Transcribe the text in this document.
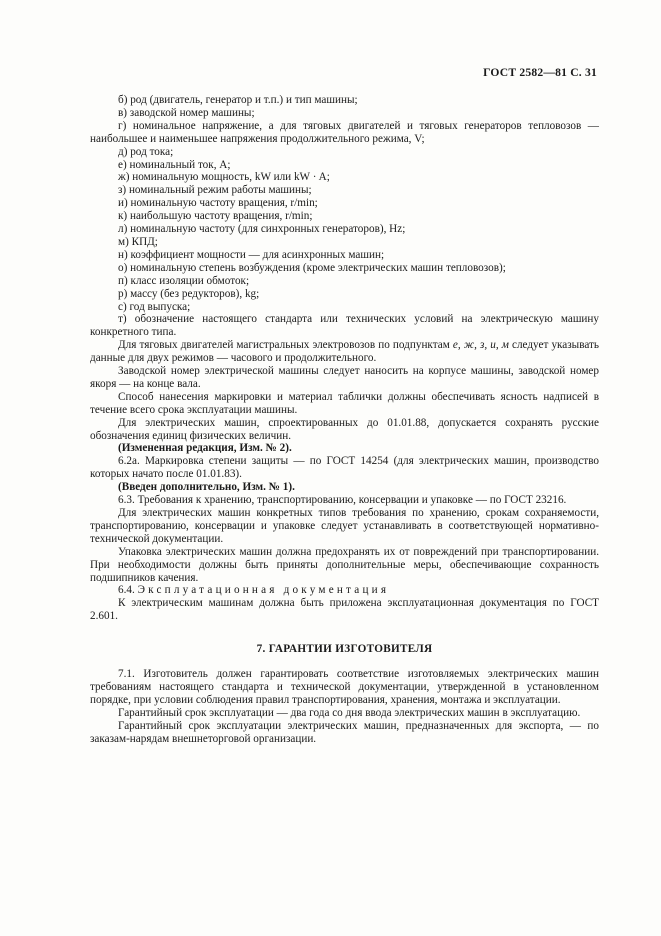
ГОСТ 2582—81 С. 31

б) род (двигатель, генератор и т.п.) и тип машины;

в) заводской номер машины;

г) номинальное напряжение, а для тяговых двигателей и тяговых генераторов тепловозов — наибольшее и наименьшее напряжения продолжительного режима, V;

д) род тока;

е) номинальный ток, A;

ж) номинальную мощность, kW или kW · A;

з) номинальный режим работы машины;

и) номинальную частоту вращения, r/min;

к) наибольшую частоту вращения, r/min;

л) номинальную частоту (для синхронных генераторов), Hz;

м) КПД;

н) коэффициент мощности — для асинхронных машин;

о) номинальную степень возбуждения (кроме электрических машин тепловозов);

п) класс изоляции обмоток;

р) массу (без редукторов), kg;

с) год выпуска;

т) обозначение настоящего стандарта или технических условий на электрическую машину конкретного типа.

Для тяговых двигателей магистральных электровозов по подпунктам е, ж, з, и, м следует указывать данные для двух режимов — часового и продолжительного.

Заводской номер электрической машины следует наносить на корпусе машины, заводской номер якоря — на конце вала.

Способ нанесения маркировки и материал таблички должны обеспечивать ясность надписей в течение всего срока эксплуатации машины.

Для электрических машин, спроектированных до 01.01.88, допускается сохранять русские обозначения единиц физических величин.

(Измененная редакция, Изм. № 2).

6.2а. Маркировка степени защиты — по ГОСТ 14254 (для электрических машин, производство которых начато после 01.01.83).

(Введен дополнительно, Изм. № 1).

6.3. Требования к хранению, транспортированию, консервации и упаковке — по ГОСТ 23216.

Для электрических машин конкретных типов требования по хранению, срокам сохраняемости, транспортированию, консервации и упаковке следует устанавливать в соответствующей нормативно-технической документации.

Упаковка электрических машин должна предохранять их от повреждений при транспортировании. При необходимости должны быть приняты дополнительные меры, обеспечивающие сохранность подшипников качения.

6.4. Эксплуатационная документация

К электрическим машинам должна быть приложена эксплуатационная документация по ГОСТ 2.601.

7. ГАРАНТИИ ИЗГОТОВИТЕЛЯ

7.1. Изготовитель должен гарантировать соответствие изготовляемых электрических машин требованиям настоящего стандарта и технической документации, утвержденной в установленном порядке, при условии соблюдения правил транспортирования, хранения, монтажа и эксплуатации.

Гарантийный срок эксплуатации — два года со дня ввода электрических машин в эксплуатацию.

Гарантийный срок эксплуатации электрических машин, предназначенных для экспорта, — по заказам-нарядам внешнеторговой организации.
